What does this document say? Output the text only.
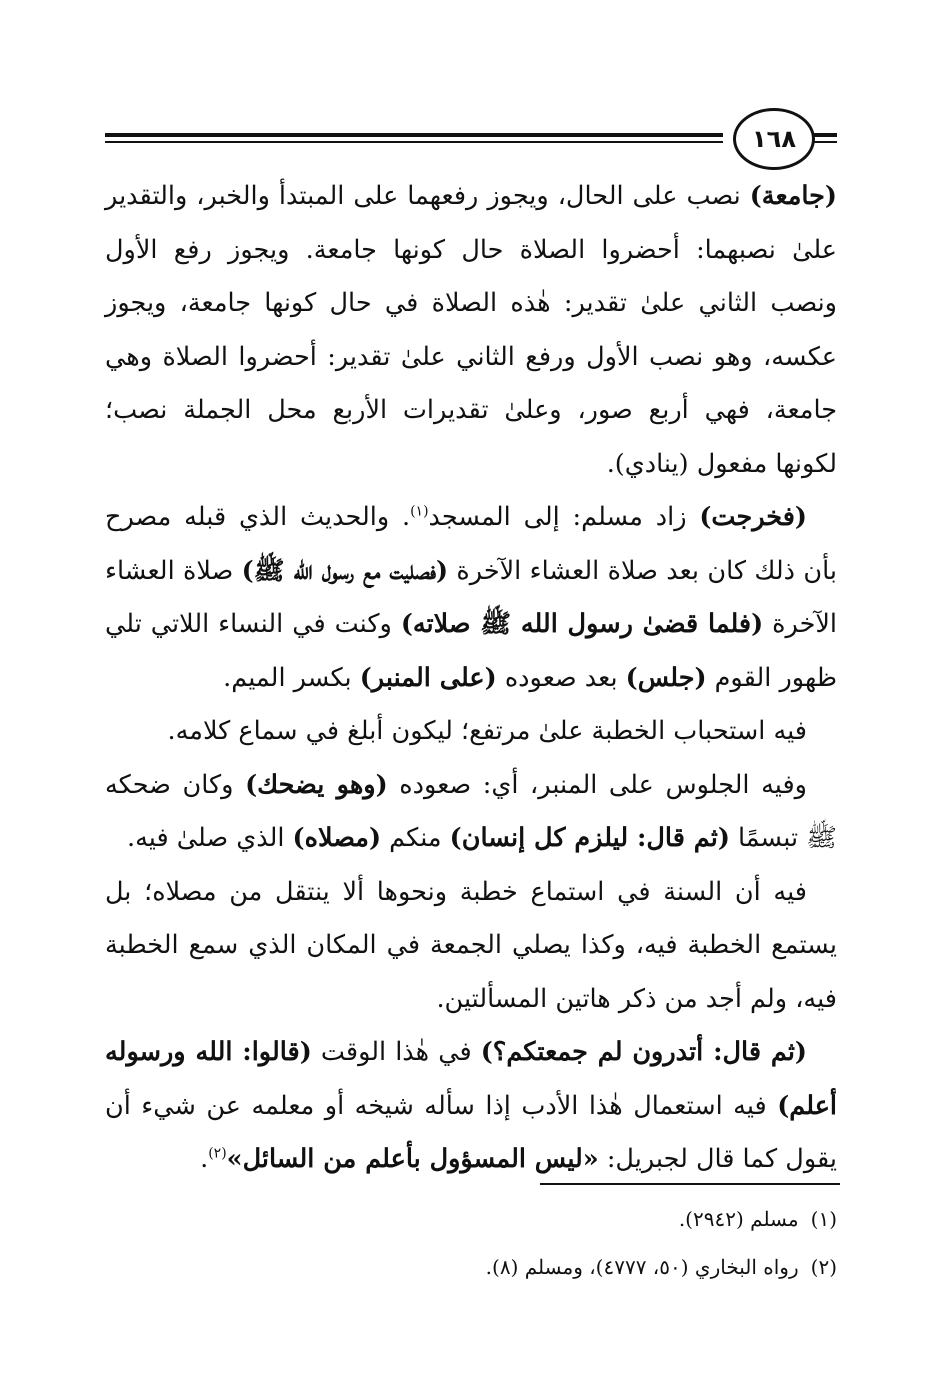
١٦٨

(جامعة) نصب على الحال، ويجوز رفعهما على المبتدأ والخبر، والتقدير علىٰ نصبهما: أحضروا الصلاة حال كونها جامعة. ويجوز رفع الأول ونصب الثاني علىٰ تقدير: هٰذه الصلاة في حال كونها جامعة، ويجوز عكسه، وهو نصب الأول ورفع الثاني علىٰ تقدير: أحضروا الصلاة وهي جامعة، فهي أربع صور، وعلىٰ تقديرات الأربع محل الجملة نصب؛ لكونها مفعول (ينادي).

(فخرجت) زاد مسلم: إلى المسجد$^{(١)}$. والحديث الذي قبله مصرح بأن ذلك كان بعد صلاة العشاء الآخرة (فصليت مع رسول الله ﷺ) صلاة العشاء الآخرة (فلما قضىٰ رسول الله ﷺ صلاته) وكنت في النساء اللاتي تلي ظهور القوم (جلس) بعد صعوده (على المنبر) بكسر الميم.

فيه استحباب الخطبة علىٰ مرتفع؛ ليكون أبلغ في سماع كلامه.

وفيه الجلوس على المنبر، أي: صعوده (وهو يضحك) وكان ضحكه ﷺ تبسمًا (ثم قال: ليلزم كل إنسان) منكم (مصلاه) الذي صلىٰ فيه.

فيه أن السنة في استماع خطبة ونحوها ألا ينتقل من مصلاه؛ بل يستمع الخطبة فيه، وكذا يصلي الجمعة في المكان الذي سمع الخطبة فيه، ولم أجد من ذكر هاتين المسألتين.

(ثم قال: أتدرون لم جمعتكم؟) في هٰذا الوقت (قالوا: الله ورسوله أعلم) فيه استعمال هٰذا الأدب إذا سأله شيخه أو معلمه عن شيء أن يقول كما قال لجبريل: «ليس المسؤول بأعلم من السائل»$^{(٢)}$.

(١)مسلم (٢٩٤٢).

(٢)رواه البخاري (٥٠، ٤٧٧٧)، ومسلم (٨).
